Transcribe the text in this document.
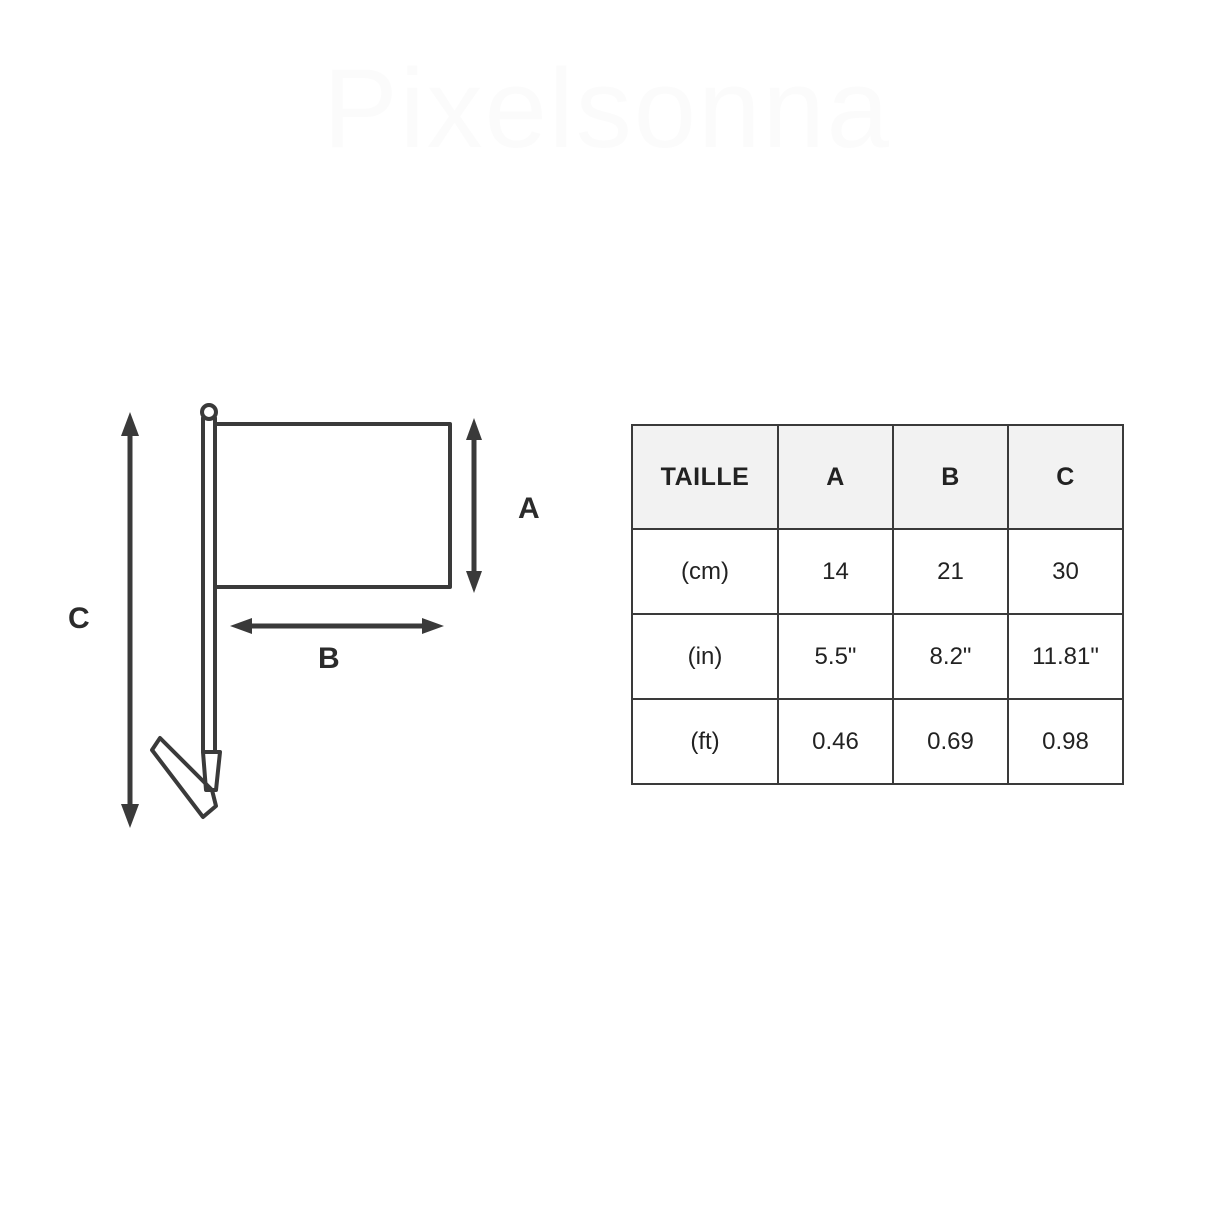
Pixelsonna
A
B
C
TAILLE	A	B	C
(cm)	14	21	30
(in)	5.5"	8.2"	11.81"
(ft)	0.46	0.69	0.98
